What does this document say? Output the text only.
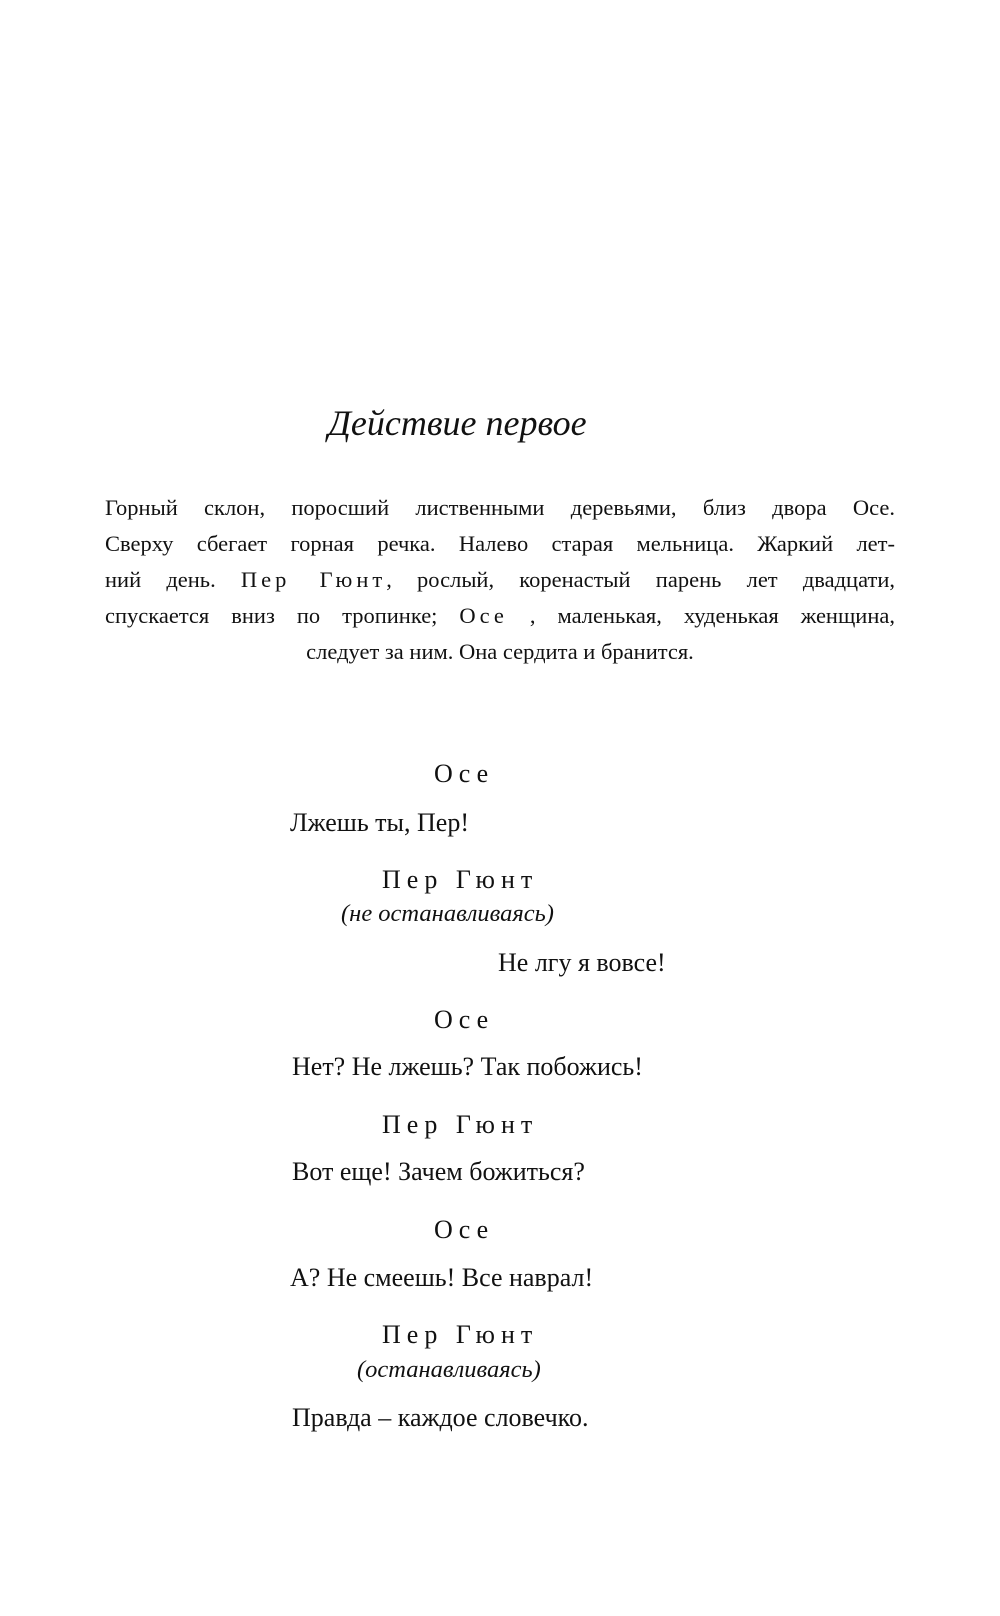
Действие первое
Горный склон, поросший лиственными деревьями, близ двора Осе.
Сверху сбегает горная речка. Налево старая мельница. Жаркий лет-
ний день. Пер Гюнт, рослый, коренастый парень лет двадцати,
спускается вниз по тропинке; Осе , маленькая, худенькая женщина,
следует за ним. Она сердита и бранится.
Осе
Лжешь ты, Пер!
Пер Гюнт
(не останавливаясь)
Не лгу я вовсе!
Осе
Нет? Не лжешь? Так побожись!
Пер Гюнт
Вот еще! Зачем божиться?
Осе
А? Не смеешь! Все наврал!
Пер Гюнт
(останавливаясь)
Правда – каждое словечко.
